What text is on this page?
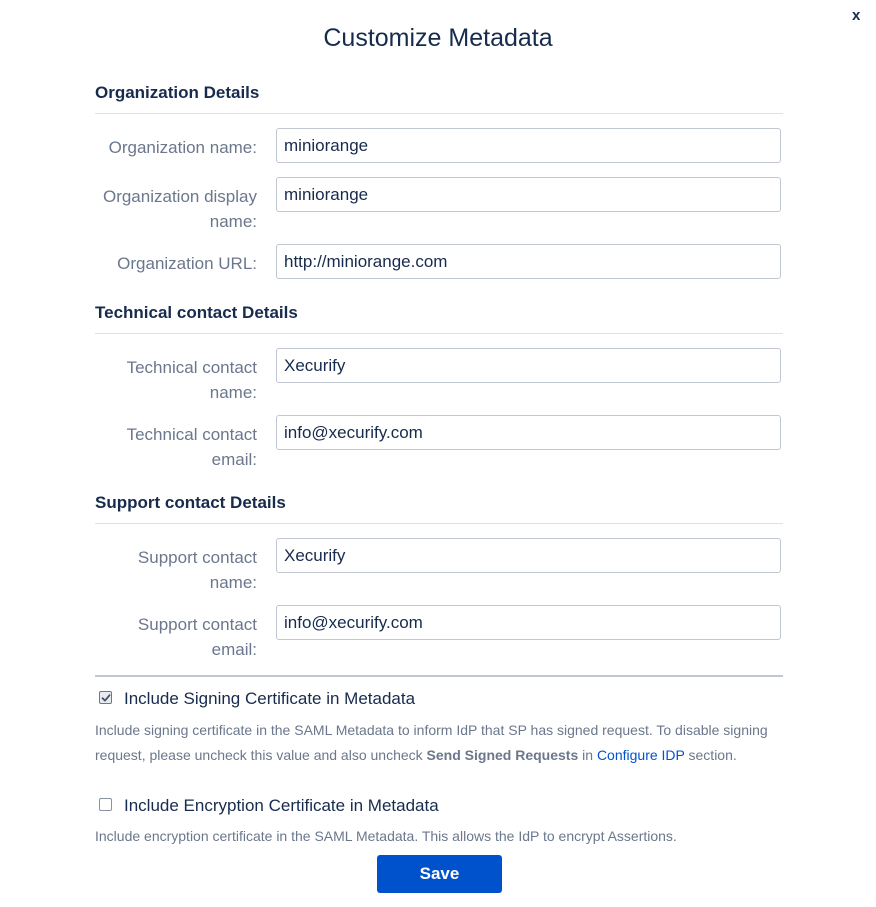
x
Customize Metadata
Organization Details
Organization name:
miniorange
Organization display
name:
miniorange
Organization URL:
http://miniorange.com
Technical contact Details
Technical contact
name:
Xecurify
Technical contact
email:
info@xecurify.com
Support contact Details
Support contact
name:
Xecurify
Support contact
email:
info@xecurify.com
Include Signing Certificate in Metadata
Include signing certificate in the SAML Metadata to inform IdP that SP has signed request. To disable signing request, please uncheck this value and also uncheck Send Signed Requests in Configure IDP section.
Include Encryption Certificate in Metadata
Include encryption certificate in the SAML Metadata. This allows the IdP to encrypt Assertions.
Save
